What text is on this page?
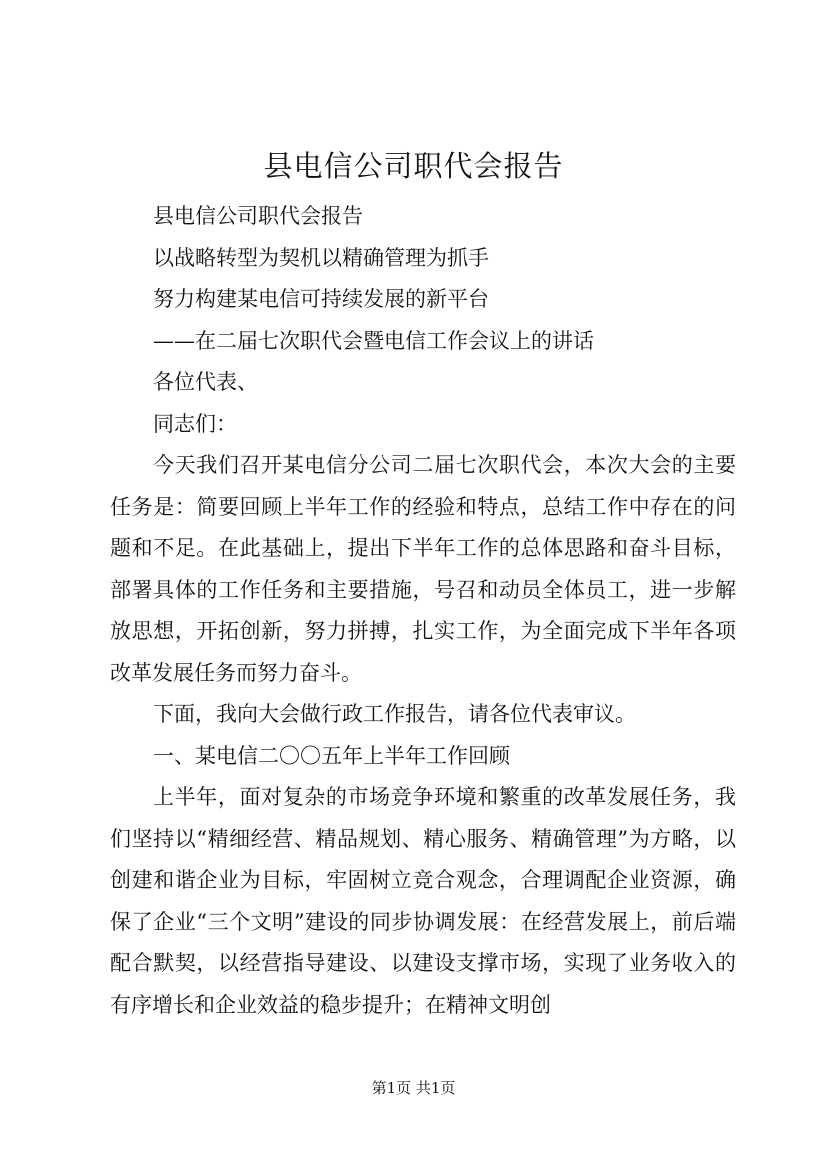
县电信公司职代会报告
县电信公司职代会报告
以战略转型为契机以精确管理为抓手
努力构建某电信可持续发展的新平台
——在二届七次职代会暨电信工作会议上的讲话
各位代表、
同志们：

今天我们召开某电信分公司二届七次职代会，本次大会的主要任务是：简要回顾上半年工作的经验和特点，总结工作中存在的问题和不足。在此基础上，提出下半年工作的总体思路和奋斗目标，部署具体的工作任务和主要措施，号召和动员全体员工，进一步解放思想，开拓创新，努力拼搏，扎实工作，为全面完成下半年各项改革发展任务而努力奋斗。

下面，我向大会做行政工作报告，请各位代表审议。

一、某电信二〇〇五年上半年工作回顾

上半年，面对复杂的市场竞争环境和繁重的改革发展任务，我们坚持以“精细经营、精品规划、精心服务、精确管理”为方略，以创建和谐企业为目标，牢固树立竞合观念，合理调配企业资源，确保了企业“三个文明”建设的同步协调发展：在经营发展上，前后端配合默契，以经营指导建设、以建设支撑市场，实现了业务收入的有序增长和企业效益的稳步提升；在精神文明创

第1页 共1页
